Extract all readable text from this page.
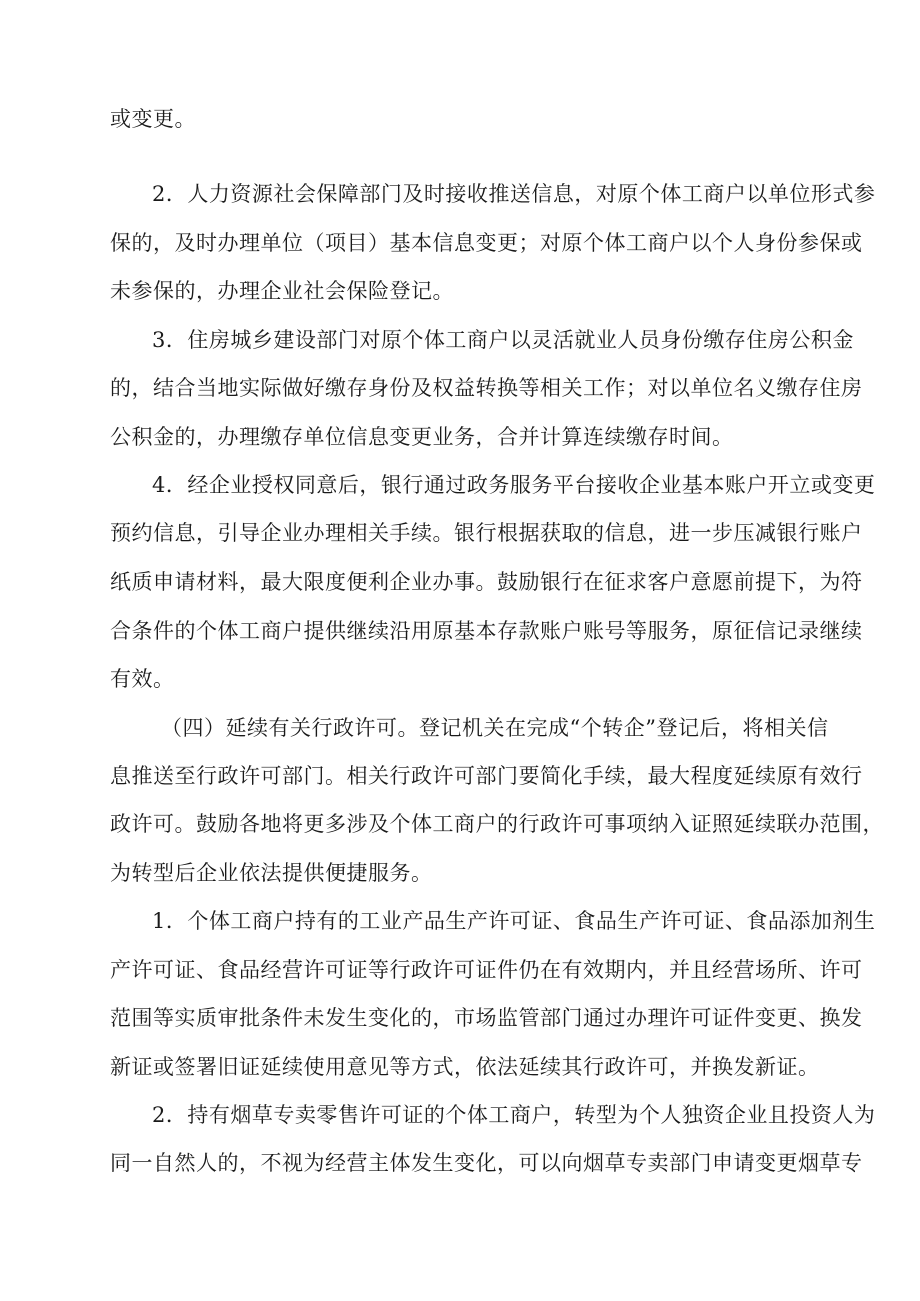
或变更。
2．人力资源社会保障部门及时接收推送信息，对原个体工商户以单位形式参
保的，及时办理单位（项目）基本信息变更；对原个体工商户以个人身份参保或
未参保的，办理企业社会保险登记。
3．住房城乡建设部门对原个体工商户以灵活就业人员身份缴存住房公积金
的，结合当地实际做好缴存身份及权益转换等相关工作；对以单位名义缴存住房
公积金的，办理缴存单位信息变更业务，合并计算连续缴存时间。
4．经企业授权同意后，银行通过政务服务平台接收企业基本账户开立或变更
预约信息，引导企业办理相关手续。银行根据获取的信息，进一步压减银行账户
纸质申请材料，最大限度便利企业办事。鼓励银行在征求客户意愿前提下，为符
合条件的个体工商户提供继续沿用原基本存款账户账号等服务，原征信记录继续
有效。
（四）延续有关行政许可。登记机关在完成“个转企”登记后，将相关信
息推送至行政许可部门。相关行政许可部门要简化手续，最大程度延续原有效行
政许可。鼓励各地将更多涉及个体工商户的行政许可事项纳入证照延续联办范围，
为转型后企业依法提供便捷服务。
1．个体工商户持有的工业产品生产许可证、食品生产许可证、食品添加剂生
产许可证、食品经营许可证等行政许可证件仍在有效期内，并且经营场所、许可
范围等实质审批条件未发生变化的，市场监管部门通过办理许可证件变更、换发
新证或签署旧证延续使用意见等方式，依法延续其行政许可，并换发新证。
2．持有烟草专卖零售许可证的个体工商户，转型为个人独资企业且投资人为
同一自然人的，不视为经营主体发生变化，可以向烟草专卖部门申请变更烟草专
